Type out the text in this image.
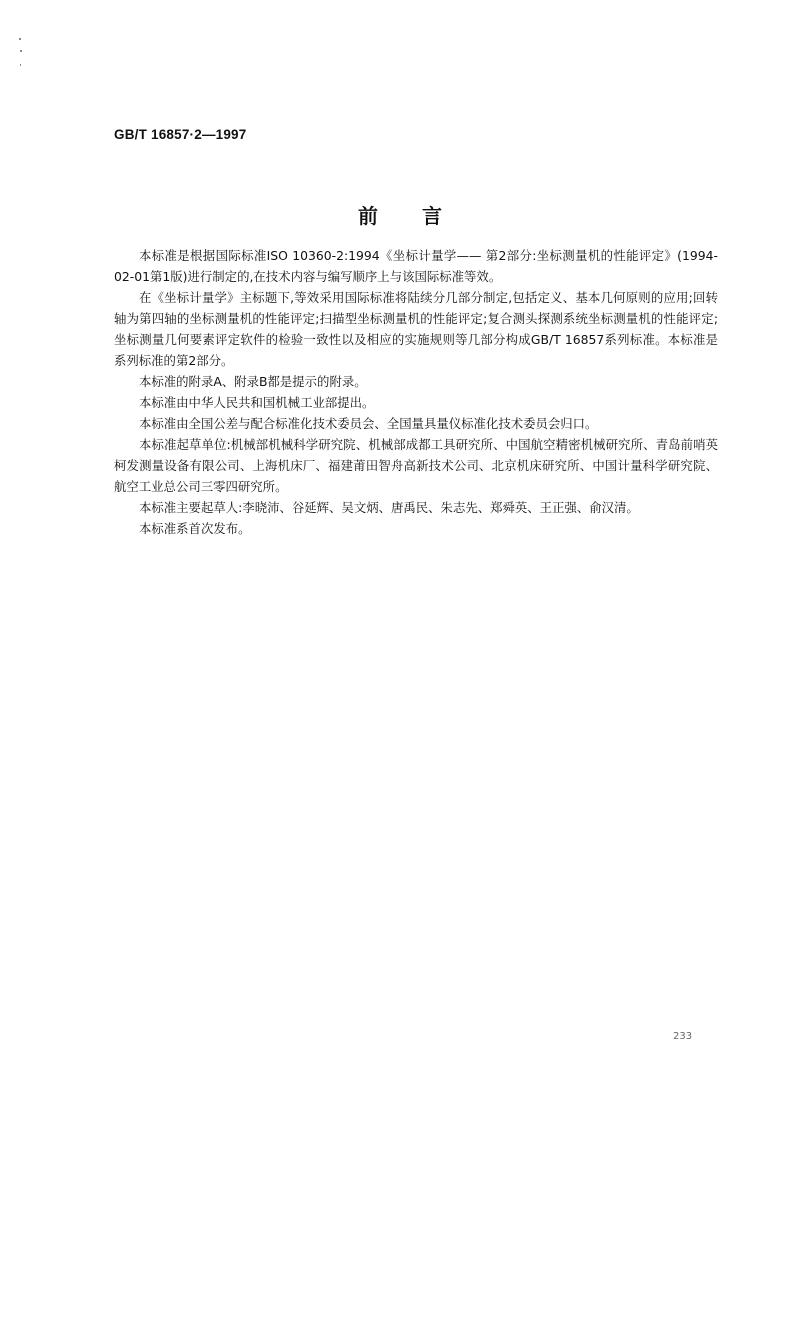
GB/T 16857·2—1997
前言

本标准是根据国际标准ISO 10360-2:1994《坐标计量学—— 第2部分:坐标测量机的性能评定》(1994-02-01第1版)进行制定的,在技术内容与编写顺序上与该国际标准等效。

在《坐标计量学》主标题下,等效采用国际标准将陆续分几部分制定,包括定义、基本几何原则的应用;回转轴为第四轴的坐标测量机的性能评定;扫描型坐标测量机的性能评定;复合测头探测系统坐标测量机的性能评定;坐标测量几何要素评定软件的检验一致性以及相应的实施规则等几部分构成GB/T 16857系列标准。本标准是系列标准的第2部分。

本标准的附录A、附录B都是提示的附录。

本标准由中华人民共和国机械工业部提出。

本标准由全国公差与配合标准化技术委员会、全国量具量仪标准化技术委员会归口。

本标准起草单位:机械部机械科学研究院、机械部成都工具研究所、中国航空精密机械研究所、青岛前哨英柯发测量设备有限公司、上海机床厂、福建莆田智舟高新技术公司、北京机床研究所、中国计量科学研究院、航空工业总公司三零四研究所。

本标准主要起草人:李晓沛、谷延辉、吴文炳、唐禹民、朱志先、郑舜英、王正强、俞汉清。

本标准系首次发布。

233
